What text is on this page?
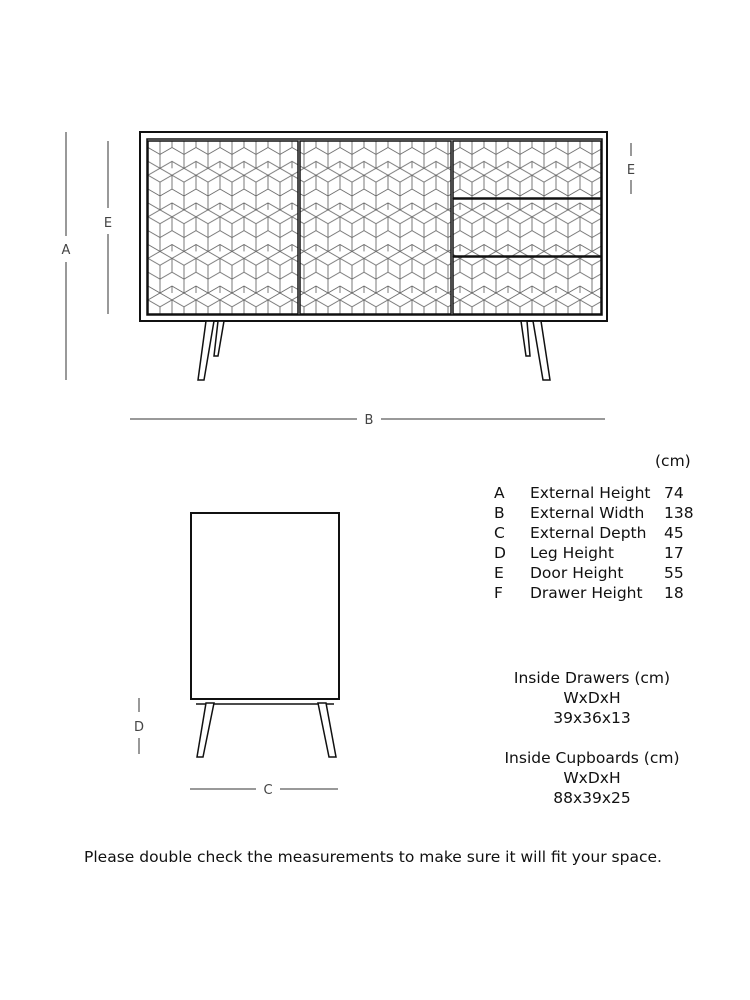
A
E
E
B
D
C
(cm)
A	External Height	74
B	External Width	138
C	External Depth	45
D	Leg Height	17
E	Door Height	55
F	Drawer Height	18
Inside Drawers (cm)
WxDxH
39x36x13
Inside Cupboards (cm)
WxDxH
88x39x25
Please double check the measurements to make sure it will fit your space.
